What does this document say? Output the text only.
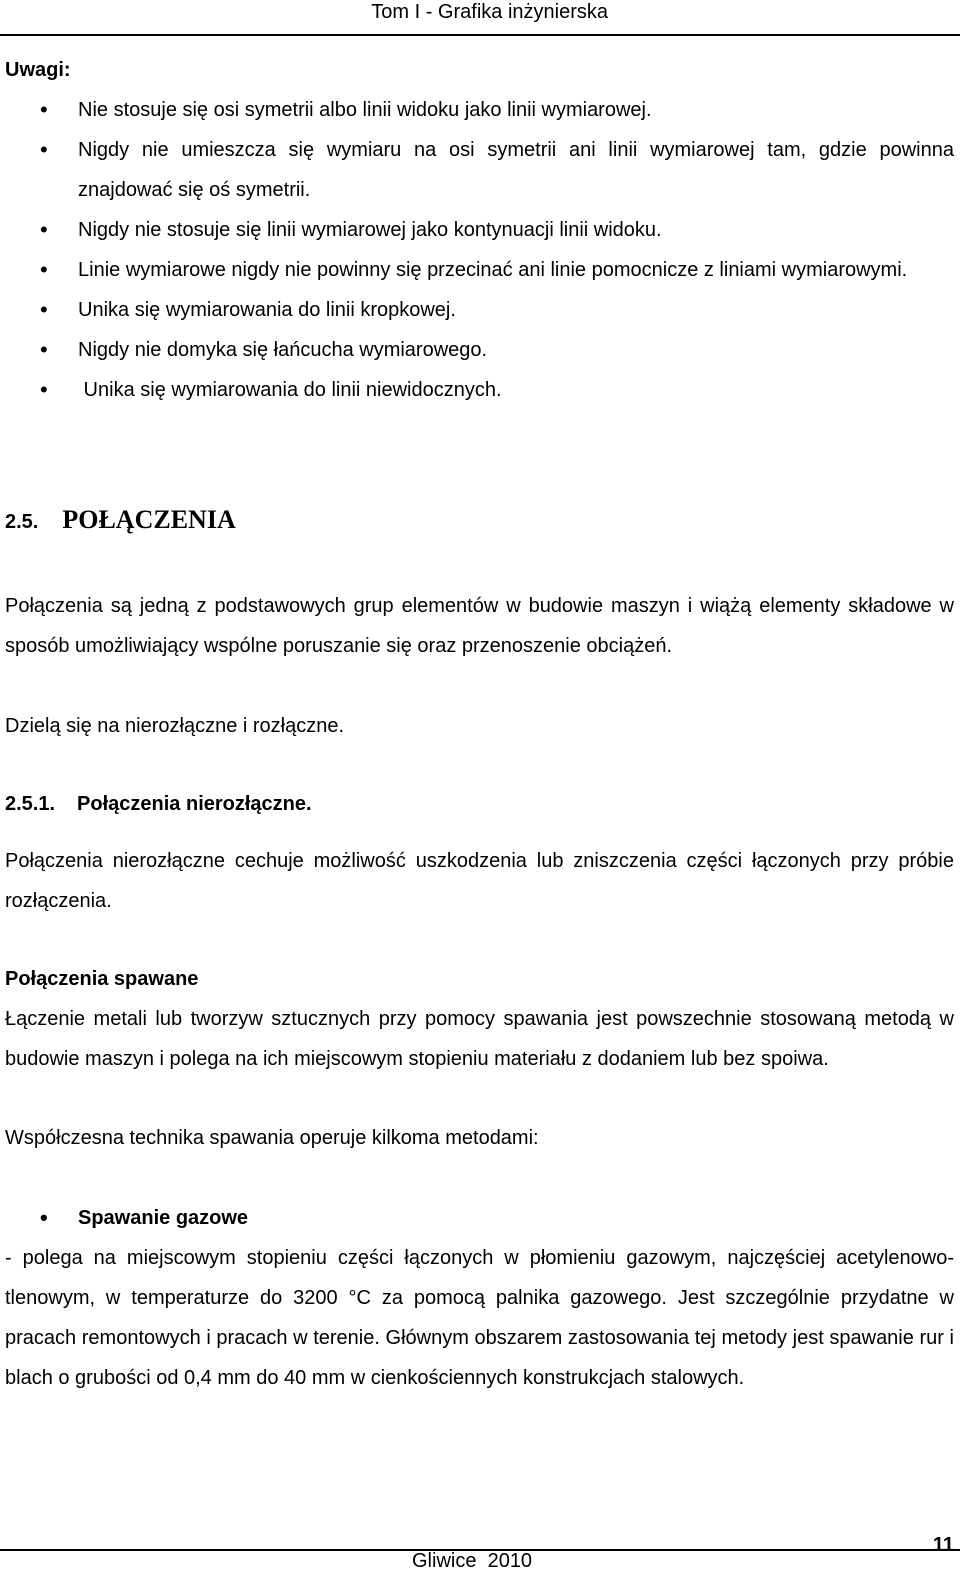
Tom I - Grafika inżynierska
Uwagi:
• Nie stosuje się osi symetrii albo linii widoku jako linii wymiarowej.
• Nigdy nie umieszcza się wymiaru na osi symetrii ani linii wymiarowej tam, gdzie powinna znajdować się oś symetrii.
• Nigdy nie stosuje się linii wymiarowej jako kontynuacji linii widoku.
• Linie wymiarowe nigdy nie powinny się przecinać ani linie pomocnicze z liniami wymiarowymi.
• Unika się wymiarowania do linii kropkowej.
• Nigdy nie domyka się łańcucha wymiarowego.
•  Unika się wymiarowania do linii niewidocznych.
2.5. POŁĄCZENIA
Połączenia są jedną z podstawowych grup elementów w budowie maszyn i wiążą elementy składowe w sposób umożliwiający wspólne poruszanie się oraz przenoszenie obciążeń.
Dzielą się na nierozłączne i rozłączne.
2.5.1. Połączenia nierozłączne.
Połączenia nierozłączne cechuje możliwość uszkodzenia lub zniszczenia części łączonych przy próbie rozłączenia.
Połączenia spawane
Łączenie metali lub tworzyw sztucznych przy pomocy spawania jest powszechnie stosowaną metodą w budowie maszyn i polega na ich miejscowym stopieniu materiału z dodaniem lub bez spoiwa.
Współczesna technika spawania operuje kilkoma metodami:
• Spawanie gazowe
- polega na miejscowym stopieniu części łączonych w płomieniu gazowym, najczęściej acetylenowo-tlenowym, w temperaturze do 3200 °C za pomocą palnika gazowego. Jest szczególnie przydatne w pracach remontowych i pracach w terenie. Głównym obszarem zastosowania tej metody jest spawanie rur i blach o grubości od 0,4 mm do 40 mm w cienkościennych konstrukcjach stalowych.
Gliwice  2010
11
